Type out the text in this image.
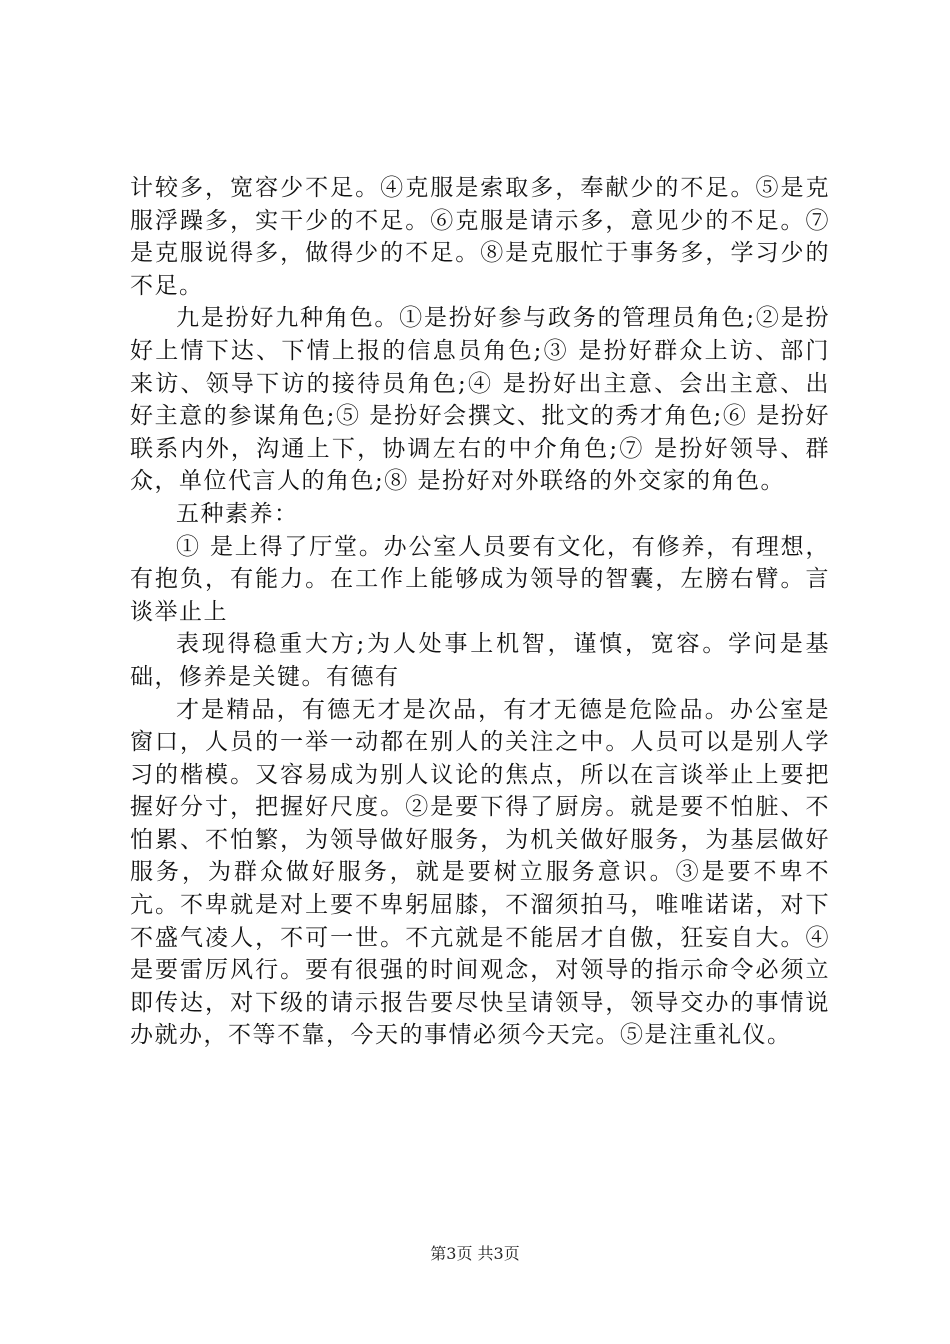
计较多，宽容少不足。④克服是索取多，奉献少的不足。⑤是克服浮躁多，实干少的不足。⑥克服是请示多，意见少的不足。⑦是克服说得多，做得少的不足。⑧是克服忙于事务多，学习少的不足。

九是扮好九种角色。①是扮好参与政务的管理员角色;②是扮好上情下达、下情上报的信息员角色;③ 是扮好群众上访、部门来访、领导下访的接待员角色;④ 是扮好出主意、会出主意、出好主意的参谋角色;⑤ 是扮好会撰文、批文的秀才角色;⑥ 是扮好联系内外，沟通上下，协调左右的中介角色;⑦ 是扮好领导、群众，单位代言人的角色;⑧ 是扮好对外联络的外交家的角色。

五种素养：

① 是上得了厅堂。办公室人员要有文化，有修养，有理想，有抱负，有能力。在工作上能够成为领导的智囊，左膀右臂。言谈举止上

表现得稳重大方;为人处事上机智，谨慎，宽容。学问是基础，修养是关键。有德有

才是精品，有德无才是次品，有才无德是危险品。办公室是窗口，人员的一举一动都在别人的关注之中。人员可以是别人学习的楷模。又容易成为别人议论的焦点，所以在言谈举止上要把握好分寸，把握好尺度。②是要下得了厨房。就是要不怕脏、不怕累、不怕繁，为领导做好服务，为机关做好服务，为基层做好服务，为群众做好服务，就是要树立服务意识。③是要不卑不亢。不卑就是对上要不卑躬屈膝，不溜须拍马，唯唯诺诺，对下不盛气凌人，不可一世。不亢就是不能居才自傲，狂妄自大。④是要雷厉风行。要有很强的时间观念，对领导的指示命令必须立即传达，对下级的请示报告要尽快呈请领导，领导交办的事情说办就办，不等不靠，今天的事情必须今天完。⑤是注重礼仪。

第3页 共3页
